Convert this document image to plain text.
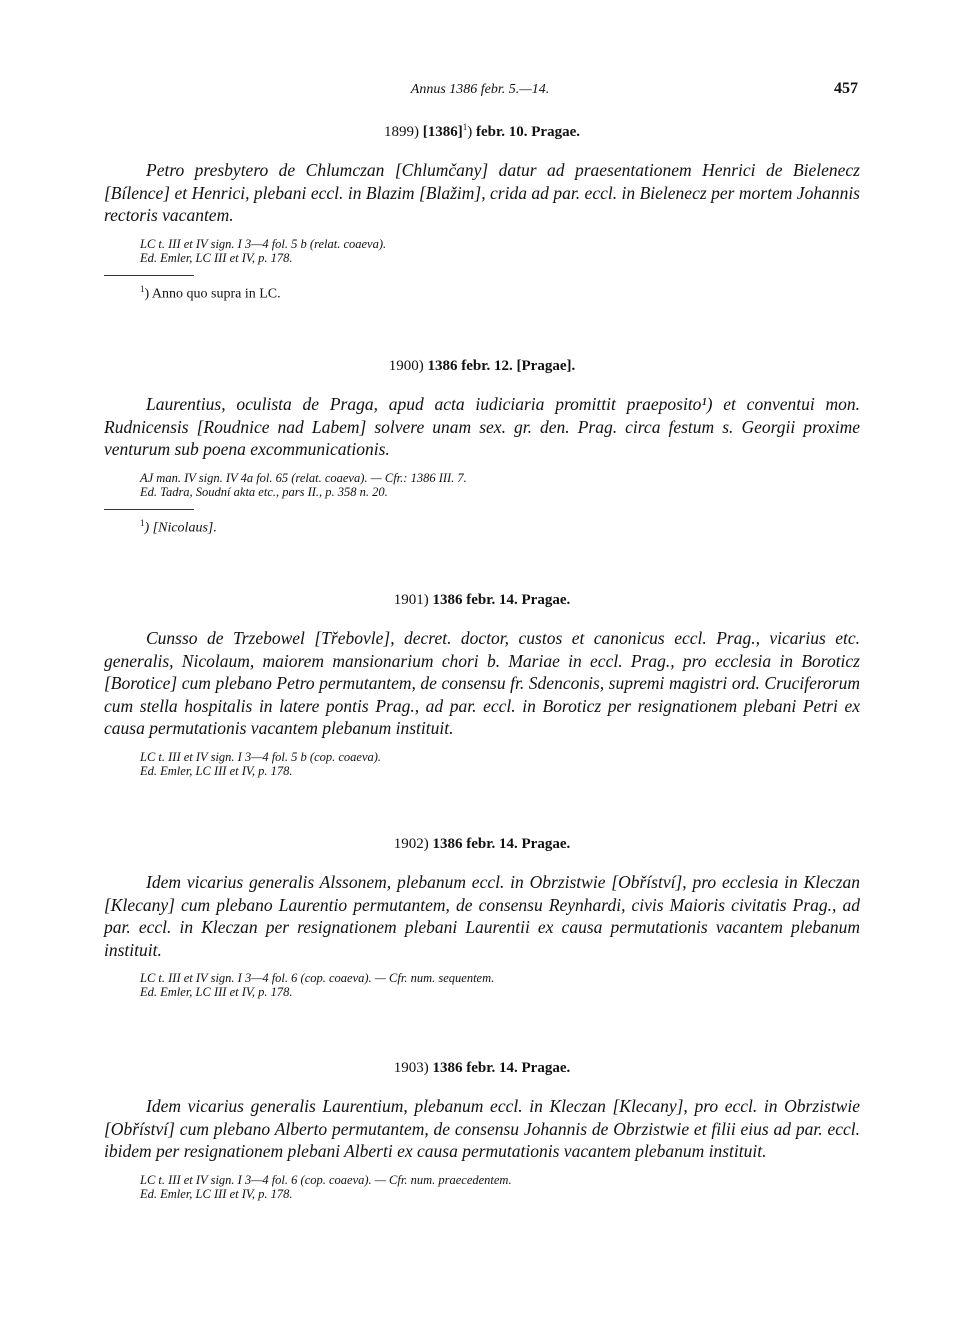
Annus 1386 febr. 5.—14.	457
1899) $[1386]^1$) febr. 10. Pragae.

Petro presbytero de Chlumczan [Chlumčany] datur ad praesentationem Henrici de Bielenecz [Bílence] et Henrici, plebani eccl. in Blazim [Blažim], crida ad par. eccl. in Bielenecz per mortem Johannis rectoris vacantem.

LC t. III et IV sign. I 3—4 fol. 5 b (relat. coaeva).
Ed. Emler, LC III et IV, p. 178.
$^1$) Anno quo supra in LC.
1900) 1386 febr. 12. [Pragae].

Laurentius, oculista de Praga, apud acta iudiciaria promittit praeposito¹) et conventui mon. Rudnicensis [Roudnice nad Labem] solvere unam sex. gr. den. Prag. circa festum s. Georgii proxime venturum sub poena excommunicationis.

AJ man. IV sign. IV 4a fol. 65 (relat. coaeva). — Cfr.: 1386 III. 7.
Ed. Tadra, Soudní akta etc., pars II., p. 358 n. 20.
$^1$) [Nicolaus].
1901) 1386 febr. 14. Pragae.

Cunsso de Trzebowel [Třebovle], decret. doctor, custos et canonicus eccl. Prag., vicarius etc. generalis, Nicolaum, maiorem mansionarium chori b. Mariae in eccl. Prag., pro ecclesia in Boroticz [Borotice] cum plebano Petro permutantem, de consensu fr. Sdenconis, supremi magistri ord. Cruciferorum cum stella hospitalis in latere pontis Prag., ad par. eccl. in Boroticz per resignationem plebani Petri ex causa permutationis vacantem plebanum instituit.

LC t. III et IV sign. I 3—4 fol. 5 b (cop. coaeva).
Ed. Emler, LC III et IV, p. 178.
1902) 1386 febr. 14. Pragae.

Idem vicarius generalis Alssonem, plebanum eccl. in Obrzistwie [Obříství], pro ecclesia in Kleczan [Klecany] cum plebano Laurentio permutantem, de consensu Reynhardi, civis Maioris civitatis Prag., ad par. eccl. in Kleczan per resignationem plebani Laurentii ex causa permutationis vacantem plebanum instituit.

LC t. III et IV sign. I 3—4 fol. 6 (cop. coaeva). — Cfr. num. sequentem.
Ed. Emler, LC III et IV, p. 178.
1903) 1386 febr. 14. Pragae.

Idem vicarius generalis Laurentium, plebanum eccl. in Kleczan [Klecany], pro eccl. in Obrzistwie [Obříství] cum plebano Alberto permutantem, de consensu Johannis de Obrzistwie et filii eius ad par. eccl. ibidem per resignationem plebani Alberti ex causa permutationis vacantem plebanum instituit.

LC t. III et IV sign. I 3—4 fol. 6 (cop. coaeva). — Cfr. num. praecedentem.
Ed. Emler, LC III et IV, p. 178.
